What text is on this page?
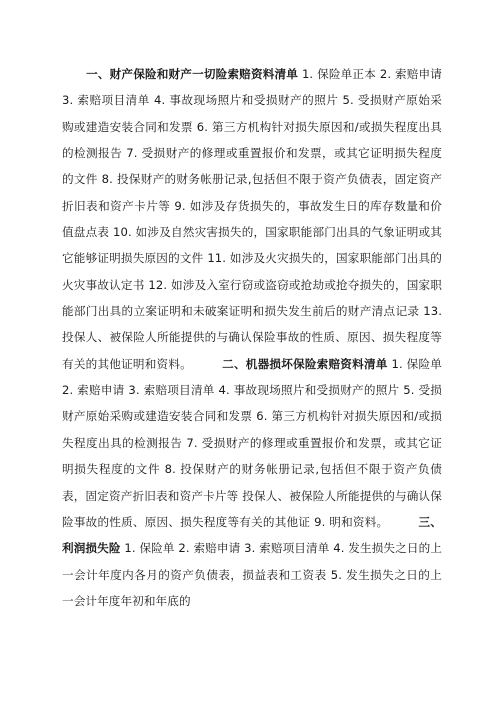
一、财产保险和财产一切险索赔资料清单 1. 保险单正本 2. 索赔申请 3. 索赔项目清单 4. 事故现场照片和受损财产的照片 5. 受损财产原始采购或建造安装合同和发票 6. 第三方机构针对损失原因和/或损失程度出具的检测报告 7. 受损财产的修理或重置报价和发票，或其它证明损失程度的文件 8. 投保财产的财务帐册记录,包括但不限于资产负债表，固定资产折旧表和资产卡片等 9. 如涉及存货损失的，事故发生日的库存数量和价值盘点表 10. 如涉及自然灾害损失的，国家职能部门出具的气象证明或其它能够证明损失原因的文件 11. 如涉及火灾损失的，国家职能部门出具的火灾事故认定书 12. 如涉及入室行窃或盗窃或抢劫或抢夺损失的，国家职能部门出具的立案证明和未破案证明和损失发生前后的财产清点记录 13. 投保人、被保险人所能提供的与确认保险事故的性质、原因、损失程度等有关的其他证明和资料。	二、机器损坏保险索赔资料清单 1. 保险单 2. 索赔申请 3. 索赔项目清单 4. 事故现场照片和受损财产的照片 5. 受损财产原始采购或建造安装合同和发票 6. 第三方机构针对损失原因和/或损失程度出具的检测报告 7. 受损财产的修理或重置报价和发票，或其它证明损失程度的文件 8. 投保财产的财务帐册记录,包括但不限于资产负债表，固定资产折旧表和资产卡片等 投保人、被保险人所能提供的与确认保险事故的性质、原因、损失程度等有关的其他证 9. 明和资料。	三、利润损失险 1. 保险单 2. 索赔申请 3. 索赔项目清单 4. 发生损失之日的上一会计年度内各月的资产负债表，损益表和工资表 5. 发生损失之日的上一会计年度年初和年底的
